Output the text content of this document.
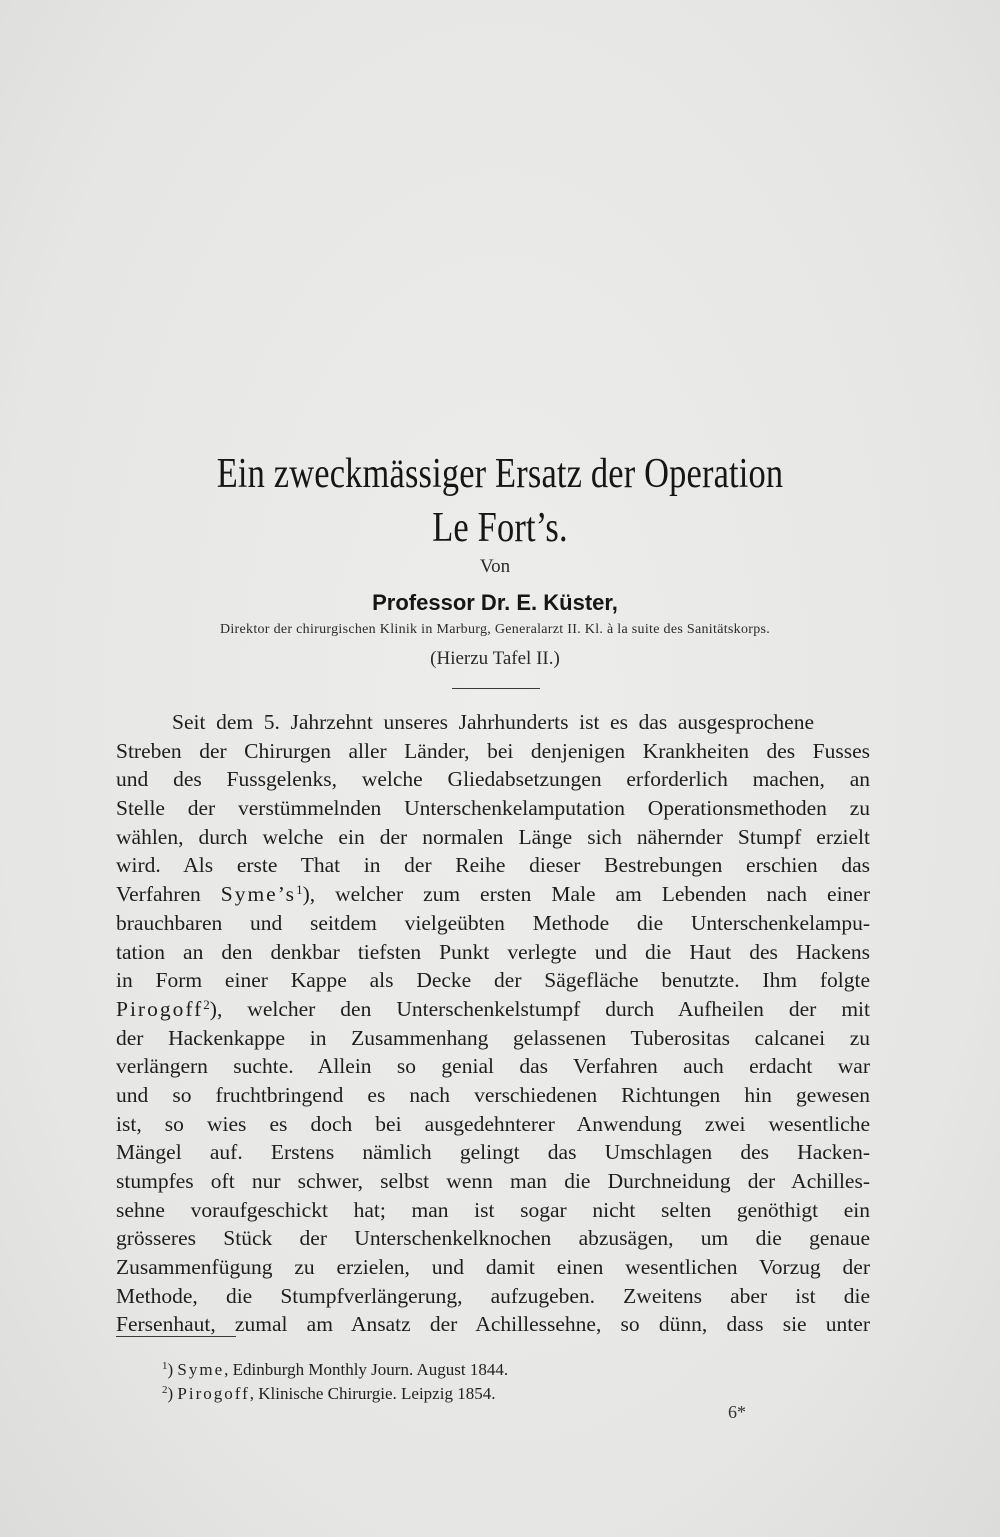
Ein zweckmässiger Ersatz der Operation
Le Fort’s.
Von
Professor Dr. E. Küster,
Direktor der chirurgischen Klinik in Marburg, Generalarzt II. Kl. à la suite des Sanitätskorps.
(Hierzu Tafel II.)
Seit dem 5. Jahrzehnt unseres Jahrhunderts ist es das ausgesprochene
Streben der Chirurgen aller Länder, bei denjenigen Krankheiten des Fusses
und des Fussgelenks, welche Gliedabsetzungen erforderlich machen, an
Stelle der verstümmelnden Unterschenkelamputation Operationsmethoden zu
wählen, durch welche ein der normalen Länge sich nähernder Stumpf erzielt
wird. Als erste That in der Reihe dieser Bestrebungen erschien das
Verfahren $Syme’s^1$), welcher zum ersten Male am Lebenden nach einer
brauchbaren und seitdem vielgeübten Methode die Unterschenkelampu-
tation an den denkbar tiefsten Punkt verlegte und die Haut des Hackens
in Form einer Kappe als Decke der Sägefläche benutzte. Ihm folgte
Pirogoff$^2$), welcher den Unterschenkelstumpf durch Aufheilen der mit
der Hackenkappe in Zusammenhang gelassenen Tuberositas calcanei zu
verlängern suchte. Allein so genial das Verfahren auch erdacht war
und so fruchtbringend es nach verschiedenen Richtungen hin gewesen
ist, so wies es doch bei ausgedehnterer Anwendung zwei wesentliche
Mängel auf. Erstens nämlich gelingt das Umschlagen des Hacken-
stumpfes oft nur schwer, selbst wenn man die Durchneidung der Achilles-
sehne voraufgeschickt hat; man ist sogar nicht selten genöthigt ein
grösseres Stück der Unterschenkelknochen abzusägen, um die genaue
Zusammenfügung zu erzielen, und damit einen wesentlichen Vorzug der
Methode, die Stumpfverlängerung, aufzugeben. Zweitens aber ist die
Fersenhaut, zumal am Ansatz der Achillessehne, so dünn, dass sie unter
$^1$) Syme, Edinburgh Monthly Journ. August 1844.
$^2$) Pirogoff, Klinische Chirurgie. Leipzig 1854.
6*
